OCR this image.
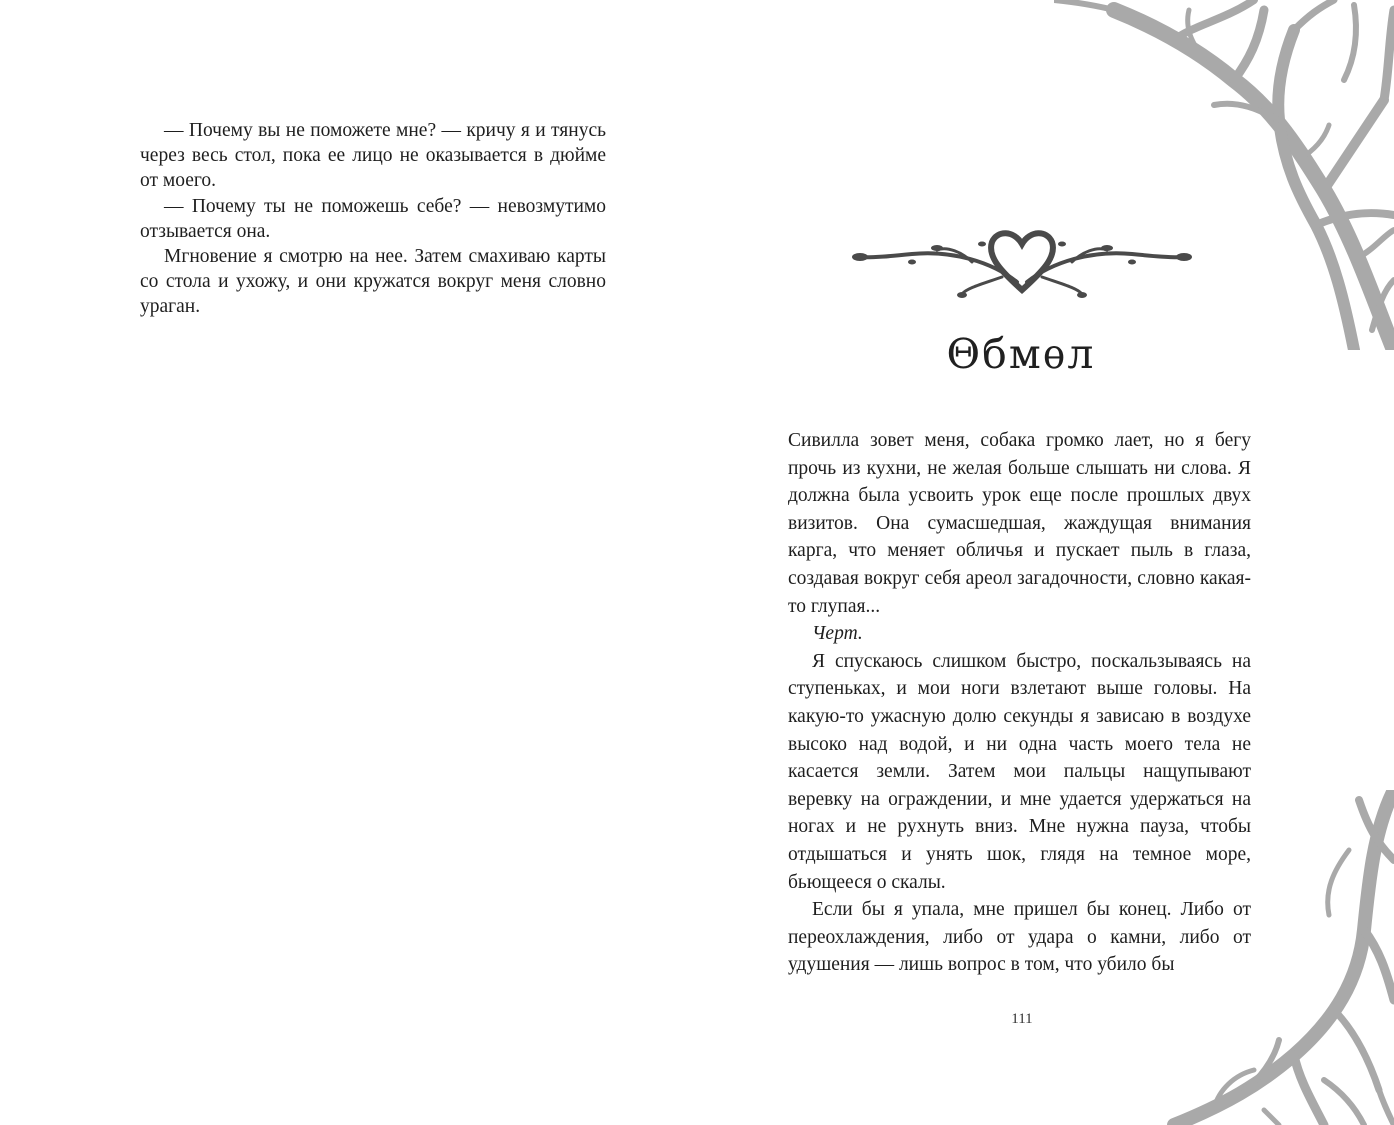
— Почему вы не поможете мне? — кричу я и тянусь через весь стол, пока ее лицо не оказывается в дюйме от моего.

— Почему ты не поможешь себе? — невозмутимо отзывается она.

Мгновение я смотрю на нее. Затем смахиваю карты со стола и ухожу, и они кружатся вокруг меня словно ураган.

Θбмѳл

Сивилла зовет меня, собака громко лает, но я бегу прочь из кухни, не желая больше слышать ни слова. Я должна была усвоить урок еще после прошлых двух визитов. Она сумасшедшая, жаждущая внимания карга, что меняет обличья и пускает пыль в глаза, создавая вокруг себя ареол загадочности, словно какая-то глупая...

Черт.

Я спускаюсь слишком быстро, поскальзываясь на ступеньках, и мои ноги взлетают выше головы. На какую-то ужасную долю секунды я зависаю в воздухе высоко над водой, и ни одна часть моего тела не касается земли. Затем мои пальцы нащупывают веревку на ограждении, и мне удается удержаться на ногах и не рухнуть вниз. Мне нужна пауза, чтобы отдышаться и унять шок, глядя на темное море, бьющееся о скалы.

Если бы я упала, мне пришел бы конец. Либо от переохлаждения, либо от удара о камни, либо от удушения — лишь вопрос в том, что убило бы

111
